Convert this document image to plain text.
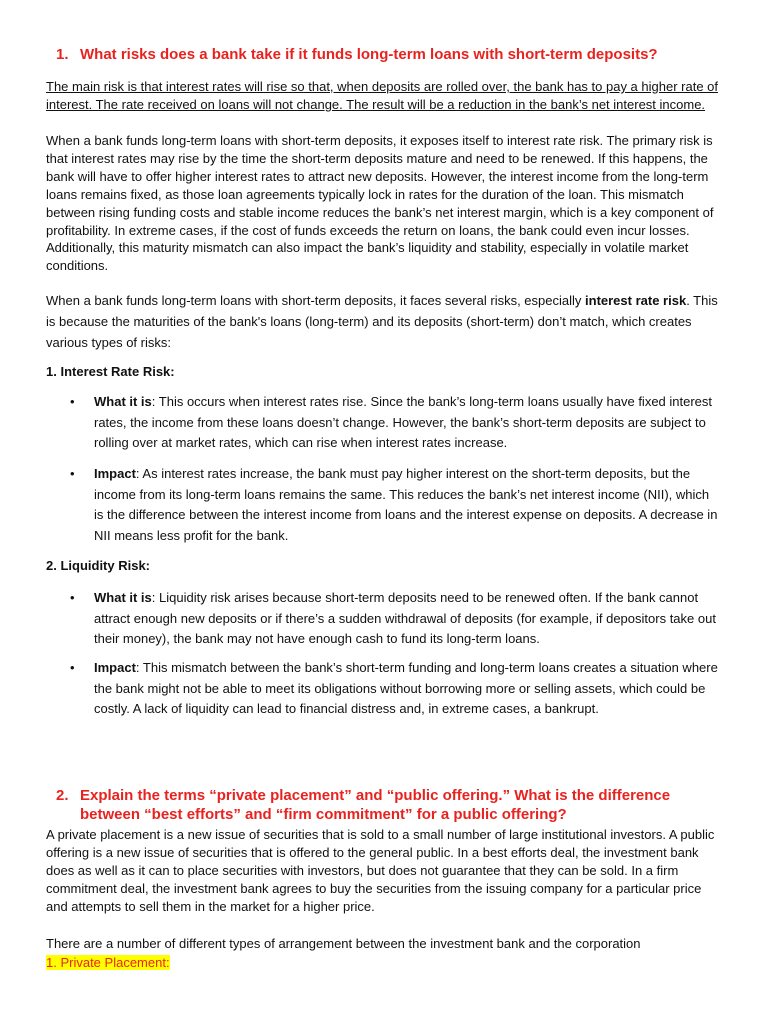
1. What risks does a bank take if it funds long-term loans with short-term deposits?

The main risk is that interest rates will rise so that, when deposits are rolled over, the bank has to pay a higher rate of interest. The rate received on loans will not change. The result will be a reduction in the bank’s net interest income.

When a bank funds long-term loans with short-term deposits, it exposes itself to interest rate risk. The primary risk is that interest rates may rise by the time the short-term deposits mature and need to be renewed. If this happens, the bank will have to offer higher interest rates to attract new deposits. However, the interest income from the long-term loans remains fixed, as those loan agreements typically lock in rates for the duration of the loan. This mismatch between rising funding costs and stable income reduces the bank’s net interest margin, which is a key component of profitability. In extreme cases, if the cost of funds exceeds the return on loans, the bank could even incur losses. Additionally, this maturity mismatch can also impact the bank’s liquidity and stability, especially in volatile market conditions.

When a bank funds long-term loans with short-term deposits, it faces several risks, especially interest rate risk. This is because the maturities of the bank's loans (long-term) and its deposits (short-term) don’t match, which creates various types of risks:

1. Interest Rate Risk:
• What it is: This occurs when interest rates rise. Since the bank’s long-term loans usually have fixed interest rates, the income from these loans doesn’t change. However, the bank’s short-term deposits are subject to rolling over at market rates, which can rise when interest rates increase.
• Impact: As interest rates increase, the bank must pay higher interest on the short-term deposits, but the income from its long-term loans remains the same. This reduces the bank’s net interest income (NII), which is the difference between the interest income from loans and the interest expense on deposits. A decrease in NII means less profit for the bank.
2. Liquidity Risk:
• What it is: Liquidity risk arises because short-term deposits need to be renewed often. If the bank cannot attract enough new deposits or if there’s a sudden withdrawal of deposits (for example, if depositors take out their money), the bank may not have enough cash to fund its long-term loans.
• Impact: This mismatch between the bank’s short-term funding and long-term loans creates a situation where the bank might not be able to meet its obligations without borrowing more or selling assets, which could be costly. A lack of liquidity can lead to financial distress and, in extreme cases, a bankrupt.
2. Explain the terms “private placement” and “public offering.” What is the difference between “best efforts” and “firm commitment” for a public offering?

A private placement is a new issue of securities that is sold to a small number of large institutional investors. A public offering is a new issue of securities that is offered to the general public. In a best efforts deal, the investment bank does as well as it can to place securities with investors, but does not guarantee that they can be sold. In a firm commitment deal, the investment bank agrees to buy the securities from the issuing company for a particular price and attempts to sell them in the market for a higher price.

There are a number of different types of arrangement between the investment bank and the corporation

1. Private Placement:
